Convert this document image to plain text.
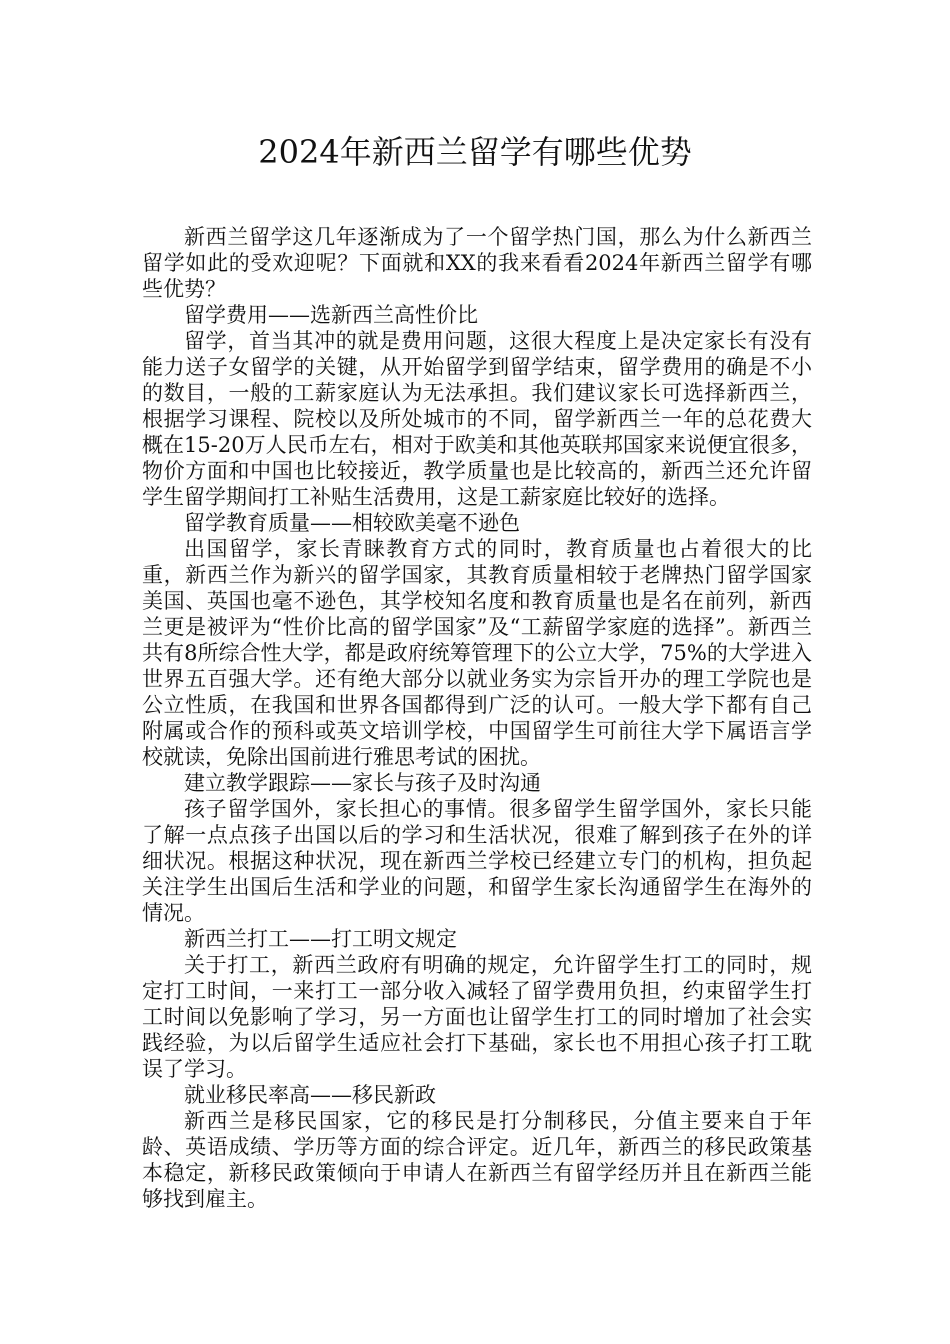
2024年新西兰留学有哪些优势

新西兰留学这几年逐渐成为了一个留学热门国，那么为什么新西兰留学如此的受欢迎呢？下面就和XX的我来看看2024年新西兰留学有哪些优势？

留学费用——选新西兰高性价比

留学，首当其冲的就是费用问题，这很大程度上是决定家长有没有能力送子女留学的关键，从开始留学到留学结束，留学费用的确是不小的数目，一般的工薪家庭认为无法承担。我们建议家长可选择新西兰，根据学习课程、院校以及所处城市的不同，留学新西兰一年的总花费大概在15-20万人民币左右，相对于欧美和其他英联邦国家来说便宜很多，物价方面和中国也比较接近，教学质量也是比较高的，新西兰还允许留学生留学期间打工补贴生活费用，这是工薪家庭比较好的选择。

留学教育质量——相较欧美毫不逊色

出国留学，家长青睐教育方式的同时，教育质量也占着很大的比重，新西兰作为新兴的留学国家，其教育质量相较于老牌热门留学国家美国、英国也毫不逊色，其学校知名度和教育质量也是名在前列，新西兰更是被评为“性价比高的留学国家”及“工薪留学家庭的选择”。新西兰共有8所综合性大学，都是政府统筹管理下的公立大学，75%的大学进入世界五百强大学。还有绝大部分以就业务实为宗旨开办的理工学院也是公立性质，在我国和世界各国都得到广泛的认可。一般大学下都有自己附属或合作的预科或英文培训学校，中国留学生可前往大学下属语言学校就读，免除出国前进行雅思考试的困扰。

建立教学跟踪——家长与孩子及时沟通

孩子留学国外，家长担心的事情。很多留学生留学国外，家长只能了解一点点孩子出国以后的学习和生活状况，很难了解到孩子在外的详细状况。根据这种状况，现在新西兰学校已经建立专门的机构，担负起关注学生出国后生活和学业的问题，和留学生家长沟通留学生在海外的情况。

新西兰打工——打工明文规定

关于打工，新西兰政府有明确的规定，允许留学生打工的同时，规定打工时间，一来打工一部分收入减轻了留学费用负担，约束留学生打工时间以免影响了学习，另一方面也让留学生打工的同时增加了社会实践经验，为以后留学生适应社会打下基础，家长也不用担心孩子打工耽误了学习。

就业移民率高——移民新政

新西兰是移民国家，它的移民是打分制移民，分值主要来自于年龄、英语成绩、学历等方面的综合评定。近几年，新西兰的移民政策基本稳定，新移民政策倾向于申请人在新西兰有留学经历并且在新西兰能够找到雇主。
